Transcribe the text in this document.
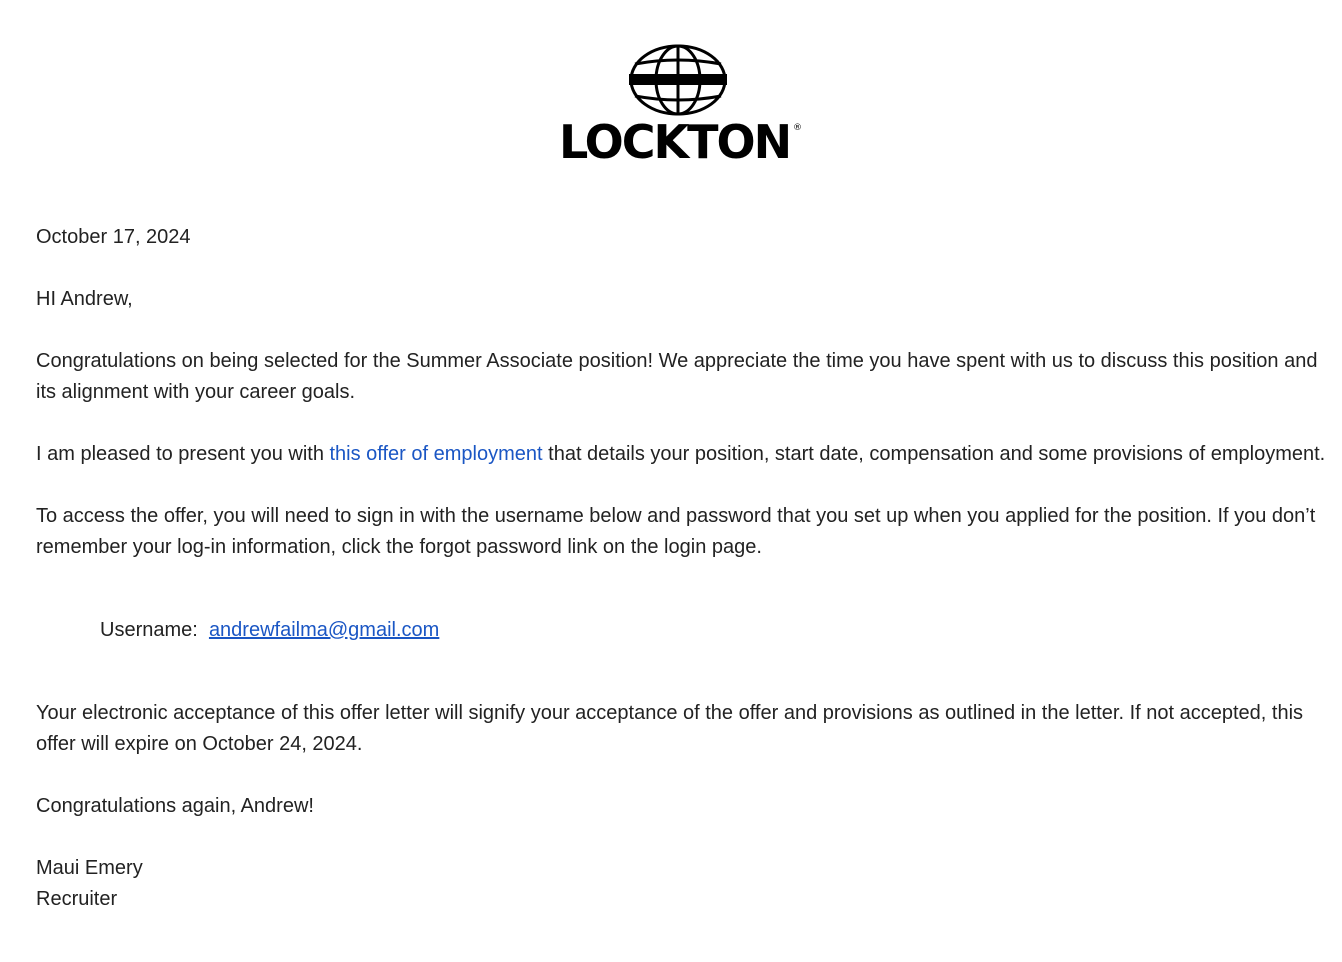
LOCKTON ®

October 17, 2024

HI Andrew,

Congratulations on being selected for the Summer Associate position! We appreciate the time you have spent with us to discuss this position and its alignment with your career goals.

I am pleased to present you with this offer of employment that details your position, start date, compensation and some provisions of employment.

To access the offer, you will need to sign in with the username below and password that you set up when you applied for the position. If you don’t remember your log-in information, click the forgot password link on the login page.

Username: andrewfailma@gmail.com

Your electronic acceptance of this offer letter will signify your acceptance of the offer and provisions as outlined in the letter. If not accepted, this offer will expire on October 24, 2024.

Congratulations again, Andrew!

Maui Emery

Recruiter
